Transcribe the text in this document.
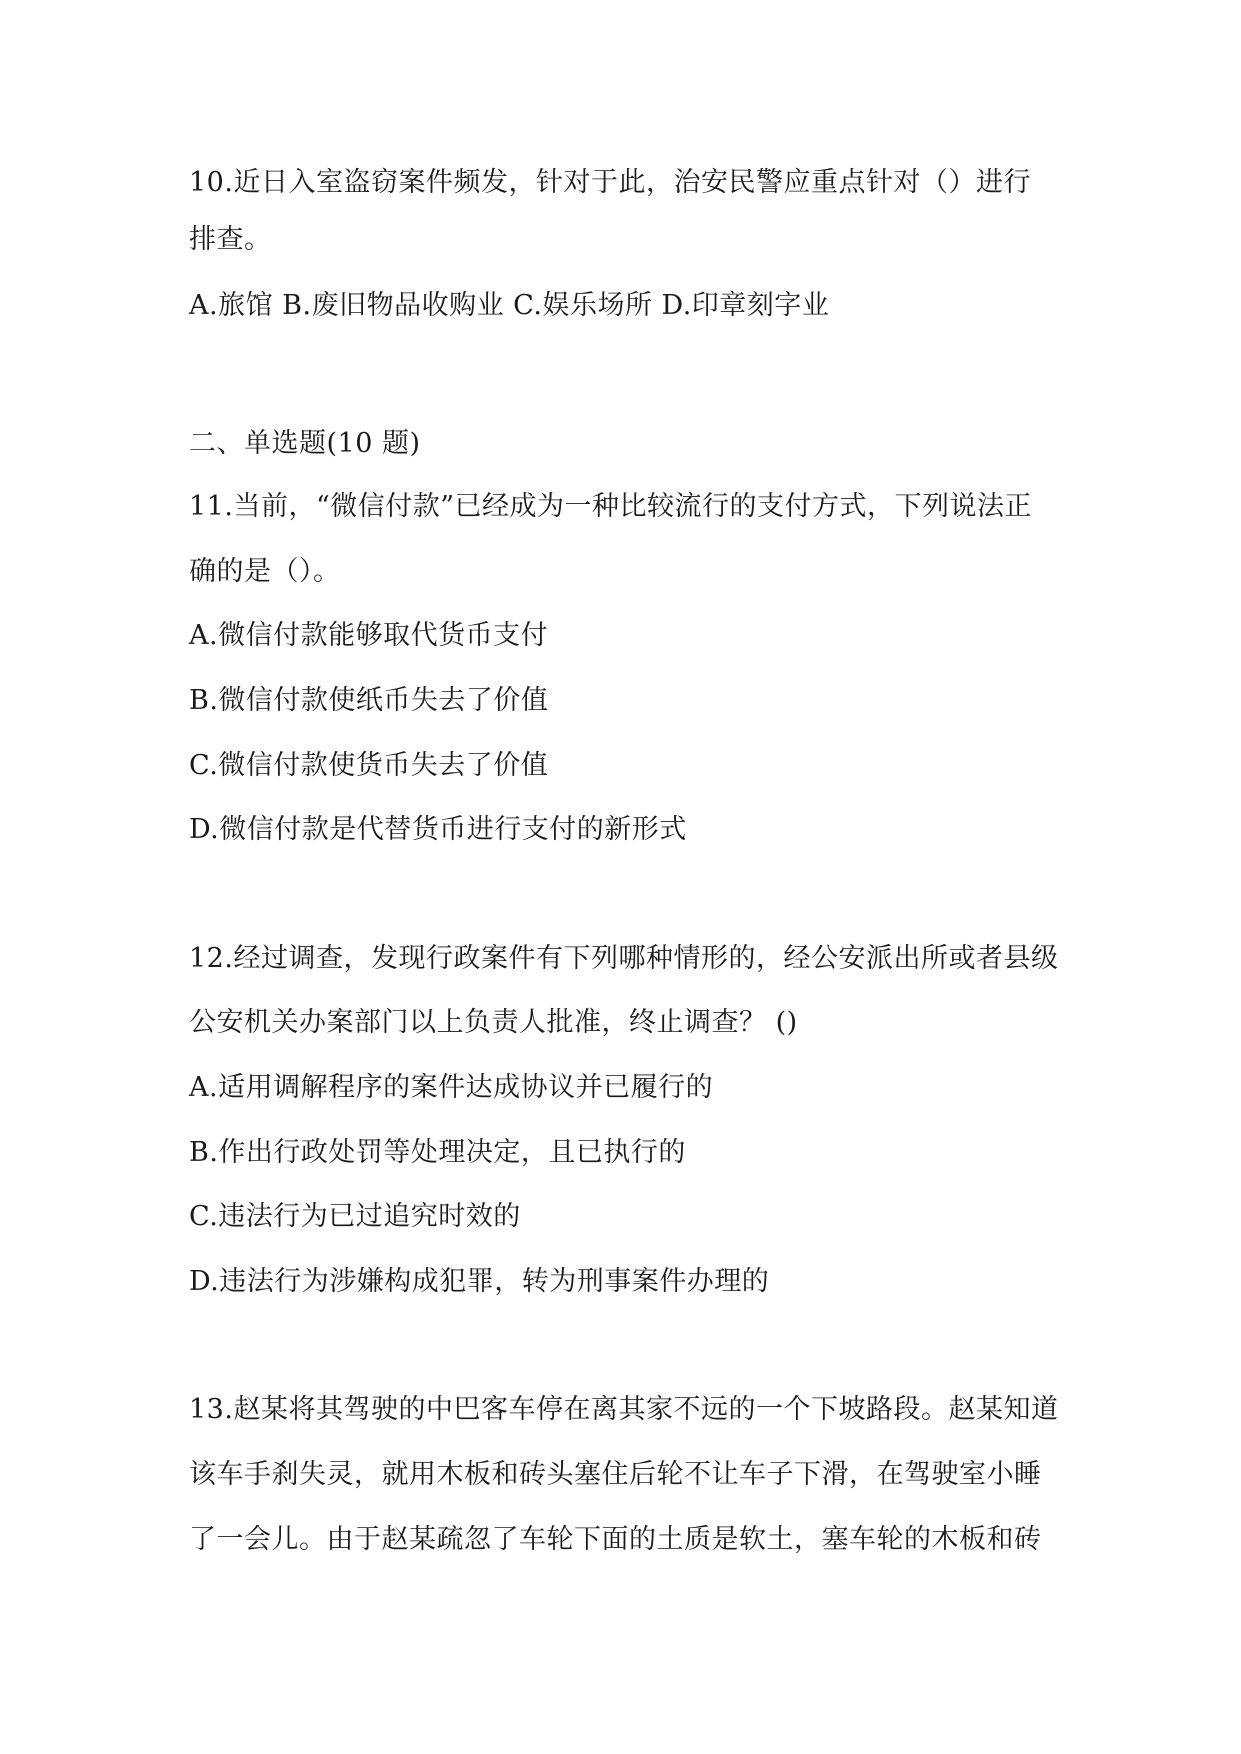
10.近日入室盗窃案件频发，针对于此，治安民警应重点针对（）进行
排查。
A.旅馆 B.废旧物品收购业 C.娱乐场所 D.印章刻字业
二、单选题(10 题)
11.当前，“微信付款”已经成为一种比较流行的支付方式，下列说法正
确的是（）。
A.微信付款能够取代货币支付
B.微信付款使纸币失去了价值
C.微信付款使货币失去了价值
D.微信付款是代替货币进行支付的新形式
12.经过调查，发现行政案件有下列哪种情形的，经公安派出所或者县级
公安机关办案部门以上负责人批准，终止调查？ ()
A.适用调解程序的案件达成协议并已履行的
B.作出行政处罚等处理决定，且已执行的
C.违法行为已过追究时效的
D.违法行为涉嫌构成犯罪，转为刑事案件办理的
13.赵某将其驾驶的中巴客车停在离其家不远的一个下坡路段。赵某知道
该车手刹失灵，就用木板和砖头塞住后轮不让车子下滑，在驾驶室小睡
了一会儿。由于赵某疏忽了车轮下面的土质是软土，塞车轮的木板和砖
